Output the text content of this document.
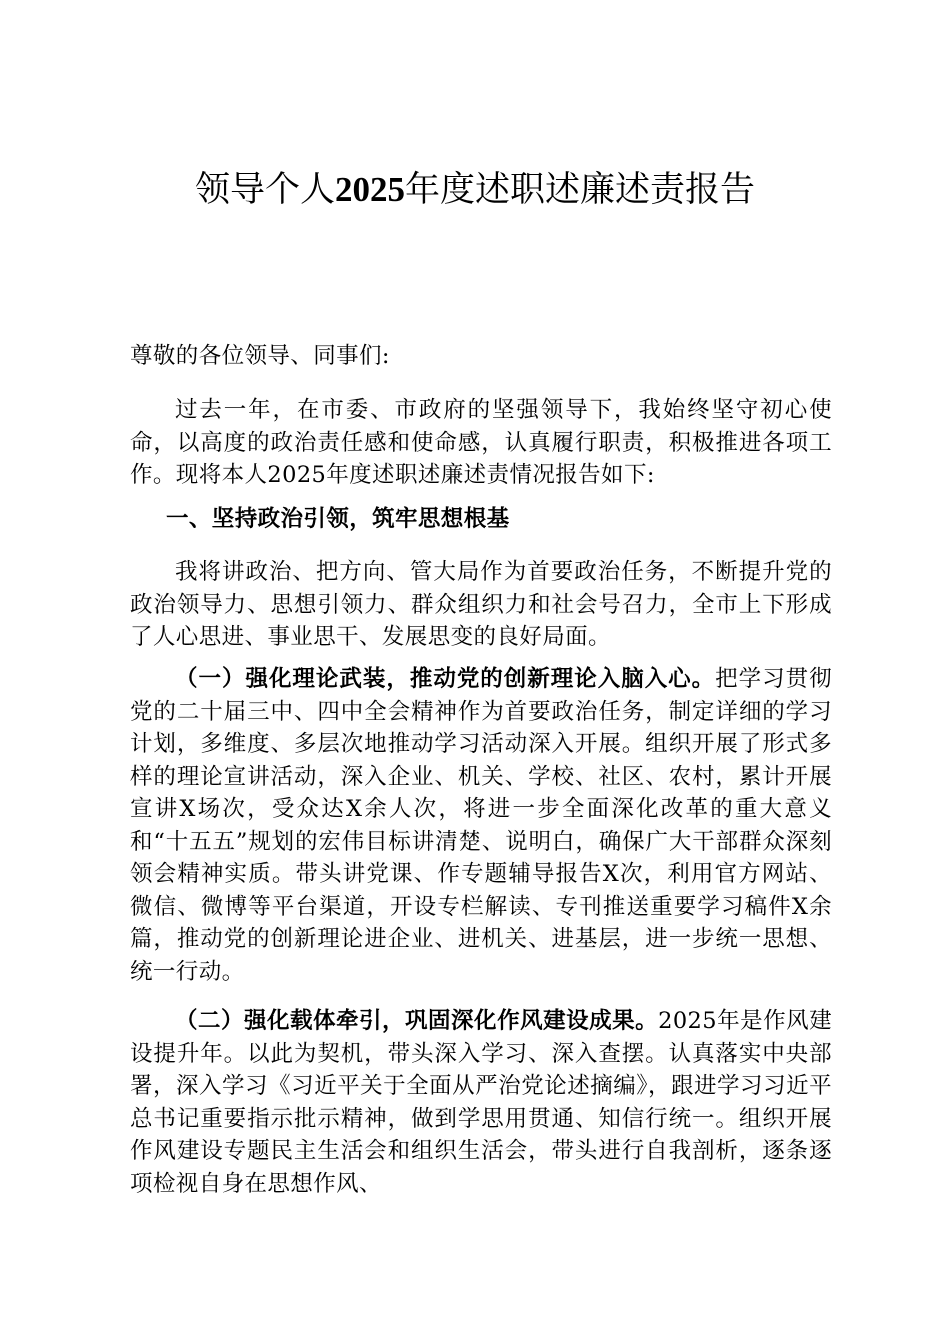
领导个人2025年度述职述廉述责报告
尊敬的各位领导、同事们:
过去一年，在市委、市政府的坚强领导下，我始终坚守初心使命，以高度的政治责任感和使命感，认真履行职责，积极推进各项工作。现将本人2025年度述职述廉述责情况报告如下:
一、坚持政治引领，筑牢思想根基
我将讲政治、把方向、管大局作为首要政治任务，不断提升党的政治领导力、思想引领力、群众组织力和社会号召力，全市上下形成了人心思进、事业思干、发展思变的良好局面。
（一）强化理论武装，推动党的创新理论入脑入心。把学习贯彻党的二十届三中、四中全会精神作为首要政治任务，制定详细的学习计划，多维度、多层次地推动学习活动深入开展。组织开展了形式多样的理论宣讲活动，深入企业、机关、学校、社区、农村，累计开展宣讲X场次，受众达X余人次，将进一步全面深化改革的重大意义和“十五五”规划的宏伟目标讲清楚、说明白，确保广大干部群众深刻领会精神实质。带头讲党课、作专题辅导报告X次，利用官方网站、微信、微博等平台渠道，开设专栏解读、专刊推送重要学习稿件X余篇，推动党的创新理论进企业、进机关、进基层，进一步统一思想、统一行动。
（二）强化载体牵引，巩固深化作风建设成果。2025年是作风建设提升年。以此为契机，带头深入学习、深入查摆。认真落实中央部署，深入学习《习近平关于全面从严治党论述摘编》，跟进学习习近平总书记重要指示批示精神，做到学思用贯通、知信行统一。组织开展作风建设专题民主生活会和组织生活会，带头进行自我剖析，逐条逐项检视自身在思想作风、
